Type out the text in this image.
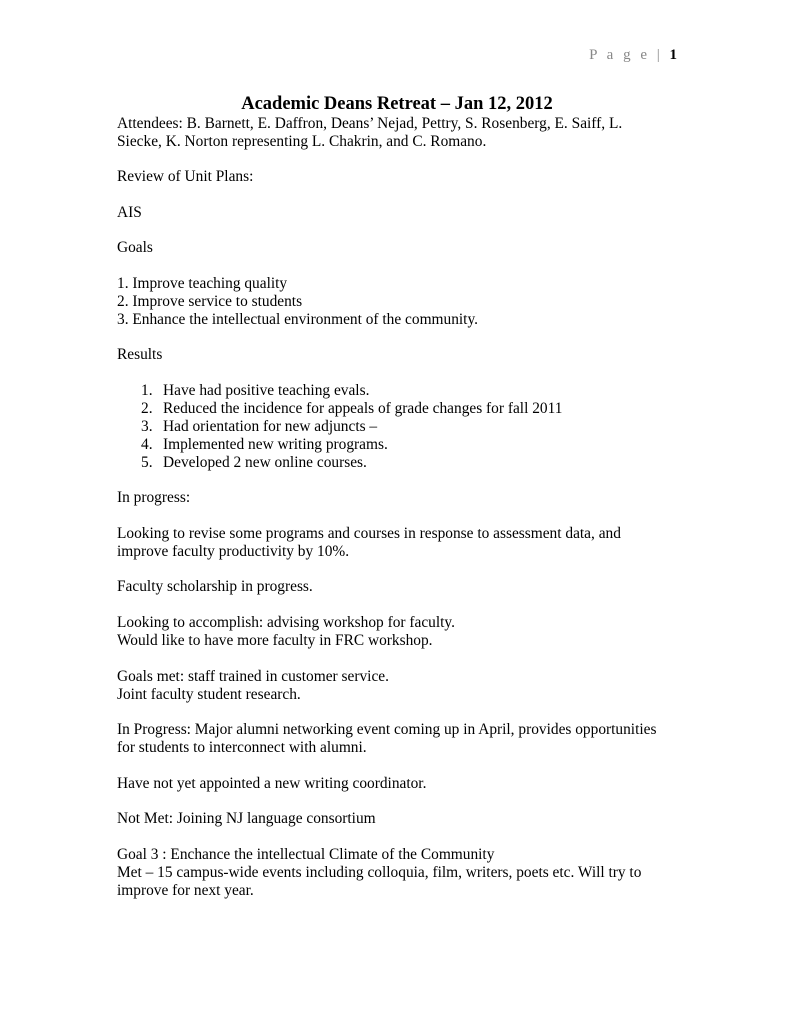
P a g e | 1
Academic Deans Retreat – Jan 12, 2012
Attendees: B. Barnett, E. Daffron, Deans’ Nejad, Pettry, S. Rosenberg, E. Saiff, L.
Siecke, K. Norton representing L. Chakrin, and C. Romano.
Review of Unit Plans:
AIS
Goals
1. Improve teaching quality
2. Improve service to students
3. Enhance the intellectual environment of the community.
Results
1. Have had positive teaching evals.
2. Reduced the incidence for appeals of grade changes for fall 2011
3. Had orientation for new adjuncts –
4. Implemented new writing programs.
5. Developed 2 new online courses.
In progress:
Looking to revise some programs and courses in response to assessment data, and
improve faculty productivity by 10%.
Faculty scholarship in progress.
Looking to accomplish: advising workshop for faculty.
Would like to have more faculty in FRC workshop.
Goals met: staff trained in customer service.
Joint faculty student research.
In Progress: Major alumni networking event coming up in April, provides opportunities
for students to interconnect with alumni.
Have not yet appointed a new writing coordinator.
Not Met: Joining NJ language consortium
Goal 3 : Enchance the intellectual Climate of the Community
Met – 15 campus-wide events including colloquia, film, writers, poets etc. Will try to
improve for next year.
